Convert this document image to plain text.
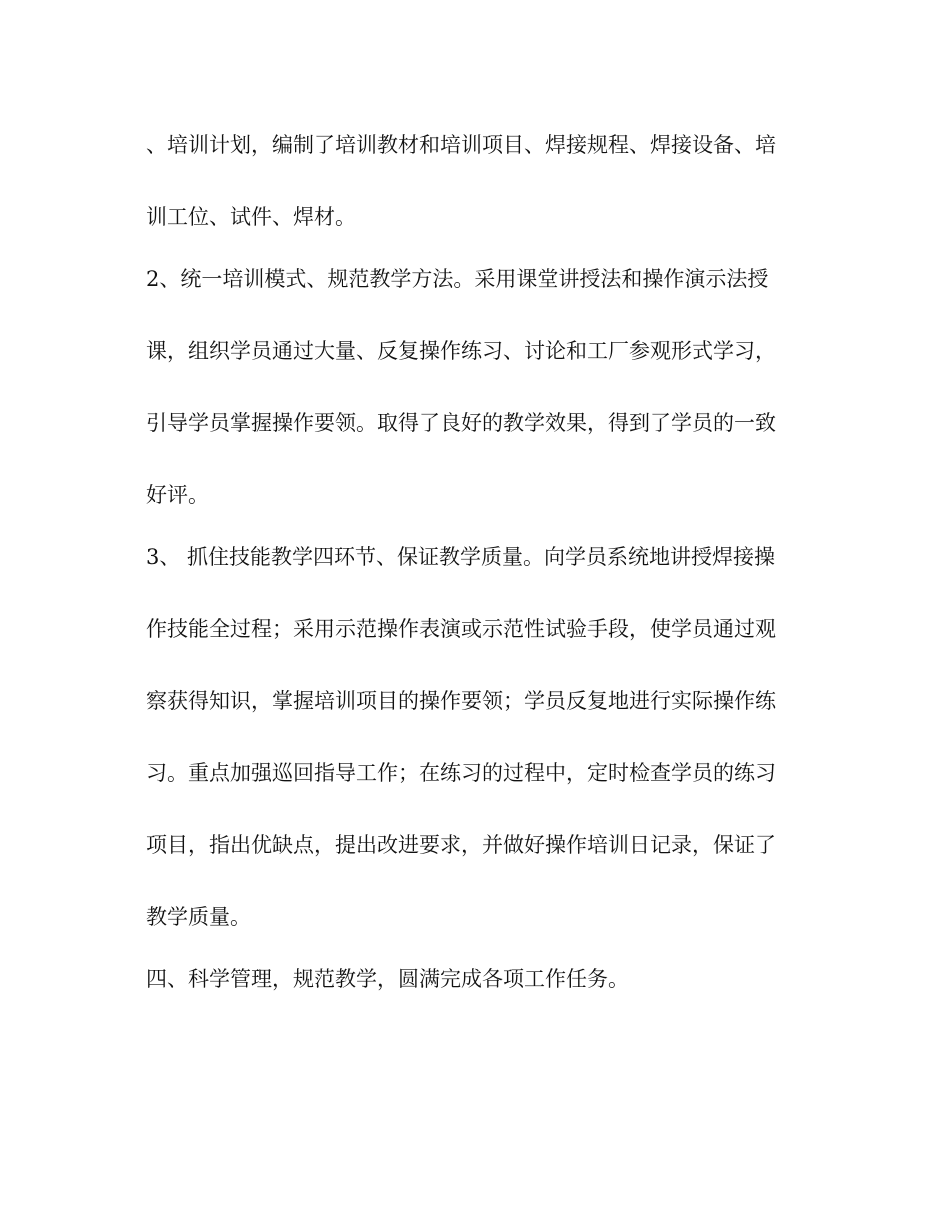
、培训计划，编制了培训教材和培训项目、焊接规程、焊接设备、培
训工位、试件、焊材。
2、统一培训模式、规范教学方法。采用课堂讲授法和操作演示法授
课，组织学员通过大量、反复操作练习、讨论和工厂参观形式学习，
引导学员掌握操作要领。取得了良好的教学效果，得到了学员的一致
好评。
3、 抓住技能教学四环节、保证教学质量。向学员系统地讲授焊接操
作技能全过程；采用示范操作表演或示范性试验手段，使学员通过观
察获得知识，掌握培训项目的操作要领；学员反复地进行实际操作练
习。重点加强巡回指导工作；在练习的过程中，定时检查学员的练习
项目，指出优缺点，提出改进要求，并做好操作培训日记录，保证了
教学质量。
四、科学管理，规范教学，圆满完成各项工作任务。
